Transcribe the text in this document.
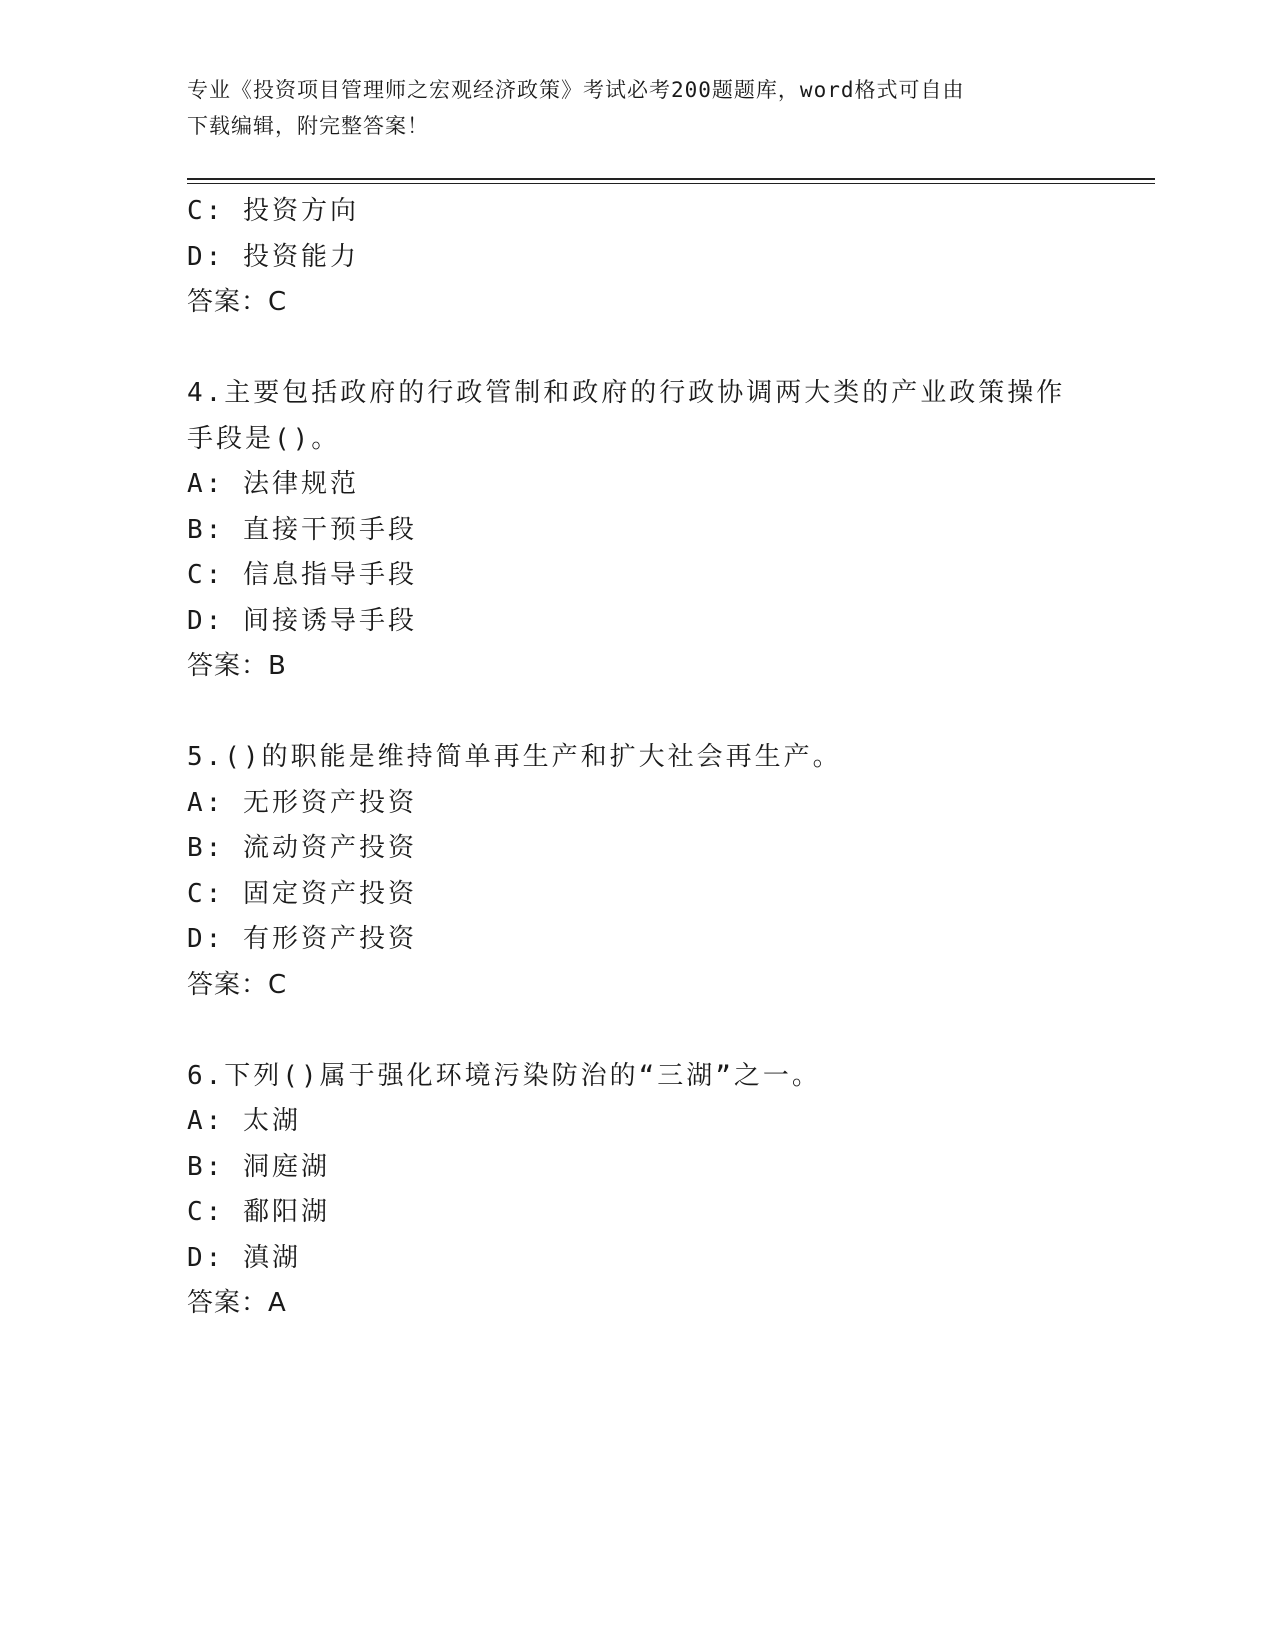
专业《投资项目管理师之宏观经济政策》考试必考200题题库，word格式可自由
下载编辑，附完整答案！
C: 投资方向
D: 投资能力
答案：C
4.主要包括政府的行政管制和政府的行政协调两大类的产业政策操作
手段是()。
A: 法律规范
B: 直接干预手段
C: 信息指导手段
D: 间接诱导手段
答案：B
5.()的职能是维持简单再生产和扩大社会再生产。
A: 无形资产投资
B: 流动资产投资
C: 固定资产投资
D: 有形资产投资
答案：C
6.下列()属于强化环境污染防治的“三湖”之一。
A: 太湖
B: 洞庭湖
C: 鄱阳湖
D: 滇湖
答案：A
